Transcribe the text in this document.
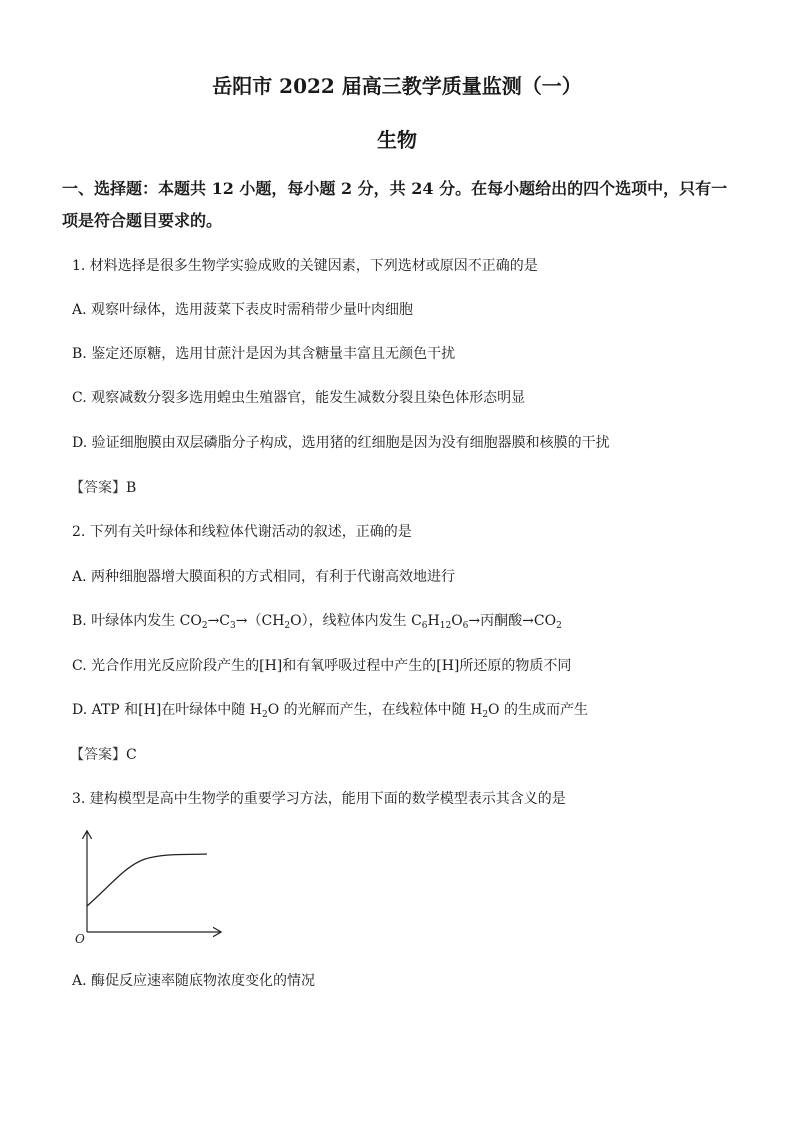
岳阳市 2022 届高三教学质量监测（一）
生物
一、选择题：本题共 12 小题，每小题 2 分，共 24 分。在每小题给出的四个选项中，只有一
项是符合题目要求的。
1. 材料选择是很多生物学实验成败的关键因素，下列选材或原因不正确的是
A. 观察叶绿体，选用菠菜下表皮时需稍带少量叶肉细胞
B. 鉴定还原糖，选用甘蔗汁是因为其含糖量丰富且无颜色干扰
C. 观察减数分裂多选用蝗虫生殖器官，能发生减数分裂且染色体形态明显
D. 验证细胞膜由双层磷脂分子构成，选用猪的红细胞是因为没有细胞器膜和核膜的干扰
【答案】B
2. 下列有关叶绿体和线粒体代谢活动的叙述，正确的是
A. 两种细胞器增大膜面积的方式相同，有利于代谢高效地进行
B. 叶绿体内发生 $CO_2\to C_3\to(CH_2O)$，线粒体内发生 $C_6H_{12}O_6\to$丙酮酸$\to CO_2$
C. 光合作用光反应阶段产生的[H]和有氧呼吸过程中产生的[H]所还原的物质不同
D. ATP 和[H]在叶绿体中随 $H_2O$ 的光解而产生，在线粒体中随 $H_2O$ 的生成而产生
【答案】C
3. 建构模型是高中生物学的重要学习方法，能用下面的数学模型表示其含义的是
O
A. 酶促反应速率随底物浓度变化的情况
